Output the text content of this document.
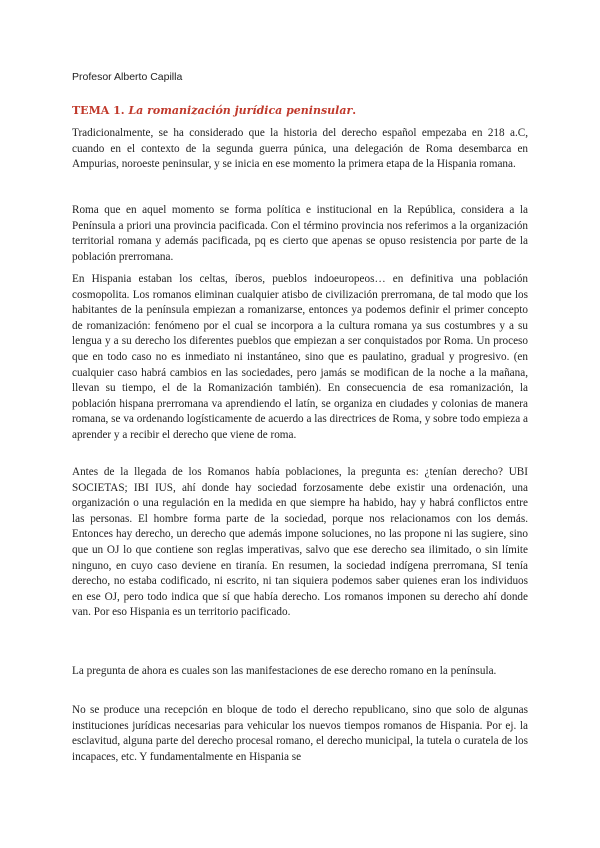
Profesor Alberto Capilla
TEMA 1. La romanización jurídica peninsular.

Tradicionalmente, se ha considerado que la historia del derecho español empezaba en 218 a.C, cuando en el contexto de la segunda guerra púnica, una delegación de Roma desembarca en Ampurias, noroeste peninsular, y se inicia en ese momento la primera etapa de la Hispania romana.

Roma que en aquel momento se forma política e institucional en la República, considera a la Península a priori una provincia pacificada. Con el término provincia nos referimos a la organización territorial romana y además pacificada, pq es cierto que apenas se opuso resistencia por parte de la población prerromana.

En Hispania estaban los celtas, íberos, pueblos indoeuropeos… en definitiva una población cosmopolita. Los romanos eliminan cualquier atisbo de civilización prerromana, de tal modo que los habitantes de la península empiezan a romanizarse, entonces ya podemos definir el primer concepto de romanización: fenómeno por el cual se incorpora a la cultura romana ya sus costumbres y a su lengua y a su derecho los diferentes pueblos que empiezan a ser conquistados por Roma. Un proceso que en todo caso no es inmediato ni instantáneo, sino que es paulatino, gradual y progresivo. (en cualquier caso habrá cambios en las sociedades, pero jamás se modifican de la noche a la mañana, llevan su tiempo, el de la Romanización también). En consecuencia de esa romanización, la población hispana prerromana va aprendiendo el latín, se organiza en ciudades y colonias de manera romana, se va ordenando logísticamente de acuerdo a las directrices de Roma, y sobre todo empieza a aprender y a recibir el derecho que viene de roma.

Antes de la llegada de los Romanos había poblaciones, la pregunta es: ¿tenían derecho? UBI SOCIETAS; IBI IUS, ahí donde hay sociedad forzosamente debe existir una ordenación, una organización o una regulación en la medida en que siempre ha habido, hay y habrá conflictos entre las personas. El hombre forma parte de la sociedad, porque nos relacionamos con los demás. Entonces hay derecho, un derecho que además impone soluciones, no las propone ni las sugiere, sino que un OJ lo que contiene son reglas imperativas, salvo que ese derecho sea ilimitado, o sin límite ninguno, en cuyo caso deviene en tiranía. En resumen, la sociedad indígena prerromana, SI tenía derecho, no estaba codificado, ni escrito, ni tan siquiera podemos saber quienes eran los individuos en ese OJ, pero todo indica que sí que había derecho. Los romanos imponen su derecho ahí donde van. Por eso Hispania es un territorio pacificado.

La pregunta de ahora es cuales son las manifestaciones de ese derecho romano en la península.

No se produce una recepción en bloque de todo el derecho republicano, sino que solo de algunas instituciones jurídicas necesarias para vehicular los nuevos tiempos romanos de Hispania. Por ej. la esclavitud, alguna parte del derecho procesal romano, el derecho municipal, la tutela o curatela de los incapaces, etc. Y fundamentalmente en Hispania se
